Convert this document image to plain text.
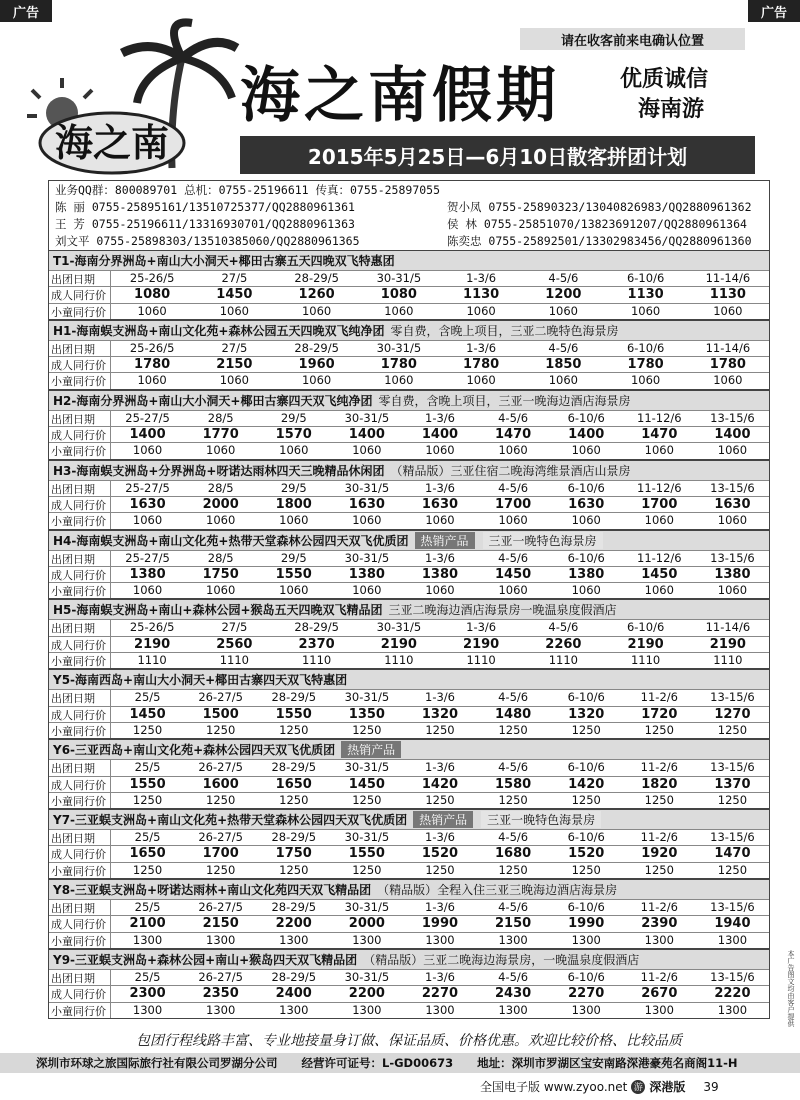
广告	广告
请在收客前来电确认位置
海之南
海之南假期	优质诚信
海南游
2015年5月25日—6月10日散客拼团计划
业务QQ群：800089701 总机：0755-25196611 传真：0755-25897055
陈 丽 0755-25895161/13510725377/QQ2880961361	贺小凤 0755-25890323/13040826983/QQ2880961362
王 芳 0755-25196611/13316930701/QQ2880961363	侯 林 0755-25851070/13823691207/QQ2880961364
刘文平 0755-25898303/13510385060/QQ2880961365	陈奕忠 0755-25892501/13302983456/QQ2880961360
T1-海南分界洲岛+南山大小洞天+椰田古寨五天四晚双飞特惠团
出团日期	25-26/5	27/5	28-29/5	30-31/5	1-3/6	4-5/6	6-10/6	11-14/6
成人同行价	1080	1450	1260	1080	1130	1200	1130	1130
小童同行价	1060	1060	1060	1060	1060	1060	1060	1060
H1-海南蜈支洲岛+南山文化苑+森林公园五天四晚双飞纯净团 零自费，含晚上项目，三亚二晚特色海景房
出团日期	25-26/5	27/5	28-29/5	30-31/5	1-3/6	4-5/6	6-10/6	11-14/6
成人同行价	1780	2150	1960	1780	1780	1850	1780	1780
小童同行价	1060	1060	1060	1060	1060	1060	1060	1060
H2-海南分界洲岛+南山大小洞天+椰田古寨四天双飞纯净团 零自费，含晚上项目，三亚一晚海边酒店海景房
出团日期	25-27/5	28/5	29/5	30-31/5	1-3/6	4-5/6	6-10/6	11-12/6	13-15/6
成人同行价	1400	1770	1570	1400	1400	1470	1400	1470	1400
小童同行价	1060	1060	1060	1060	1060	1060	1060	1060	1060
H3-海南蜈支洲岛+分界洲岛+呀诺达雨林四天三晚精品休闲团 （精品版）三亚住宿二晚海湾维景酒店山景房
出团日期	25-27/5	28/5	29/5	30-31/5	1-3/6	4-5/6	6-10/6	11-12/6	13-15/6
成人同行价	1630	2000	1800	1630	1630	1700	1630	1700	1630
小童同行价	1060	1060	1060	1060	1060	1060	1060	1060	1060
H4-海南蜈支洲岛+南山文化苑+热带天堂森林公园四天双飞优质团	热销产品	三亚一晚特色海景房
出团日期	25-27/5	28/5	29/5	30-31/5	1-3/6	4-5/6	6-10/6	11-12/6	13-15/6
成人同行价	1380	1750	1550	1380	1380	1450	1380	1450	1380
小童同行价	1060	1060	1060	1060	1060	1060	1060	1060	1060
H5-海南蜈支洲岛+南山+森林公园+猴岛五天四晚双飞精品团 三亚二晚海边酒店海景房一晚温泉度假酒店
出团日期	25-26/5	27/5	28-29/5	30-31/5	1-3/6	4-5/6	6-10/6	11-14/6
成人同行价	2190	2560	2370	2190	2190	2260	2190	2190
小童同行价	1110	1110	1110	1110	1110	1110	1110	1110
Y5-海南西岛+南山大小洞天+椰田古寨四天双飞特惠团
出团日期	25/5	26-27/5	28-29/5	30-31/5	1-3/6	4-5/6	6-10/6	11-2/6	13-15/6
成人同行价	1450	1500	1550	1350	1320	1480	1320	1720	1270
小童同行价	1250	1250	1250	1250	1250	1250	1250	1250	1250
Y6-三亚西岛+南山文化苑+森林公园四天双飞优质团	热销产品
出团日期	25/5	26-27/5	28-29/5	30-31/5	1-3/6	4-5/6	6-10/6	11-2/6	13-15/6
成人同行价	1550	1600	1650	1450	1420	1580	1420	1820	1370
小童同行价	1250	1250	1250	1250	1250	1250	1250	1250	1250
Y7-三亚蜈支洲岛+南山文化苑+热带天堂森林公园四天双飞优质团	热销产品	三亚一晚特色海景房
出团日期	25/5	26-27/5	28-29/5	30-31/5	1-3/6	4-5/6	6-10/6	11-2/6	13-15/6
成人同行价	1650	1700	1750	1550	1520	1680	1520	1920	1470
小童同行价	1250	1250	1250	1250	1250	1250	1250	1250	1250
Y8-三亚蜈支洲岛+呀诺达雨林+南山文化苑四天双飞精品团 （精品版）全程入住三亚三晚海边酒店海景房
出团日期	25/5	26-27/5	28-29/5	30-31/5	1-3/6	4-5/6	6-10/6	11-2/6	13-15/6
成人同行价	2100	2150	2200	2000	1990	2150	1990	2390	1940
小童同行价	1300	1300	1300	1300	1300	1300	1300	1300	1300
Y9-三亚蜈支洲岛+森林公园+南山+猴岛四天双飞精品团 （精品版）三亚二晚海边海景房，一晚温泉度假酒店
出团日期	25/5	26-27/5	28-29/5	30-31/5	1-3/6	4-5/6	6-10/6	11-2/6	13-15/6
成人同行价	2300	2350	2400	2200	2270	2430	2270	2670	2220
小童同行价	1300	1300	1300	1300	1300	1300	1300	1300	1300
包团行程线路丰富、专业地接量身订做、保证品质、价格优惠。欢迎比较价格、比较品质
深圳市环球之旅国际旅行社有限公司罗湖分公司 经营许可证号：L-GD00673 地址：深圳市罗湖区宝安南路深港豪苑名商阁11-H
全国电子版 www.zyoo.net 游 深港版 39
本广告图文均由客户提供
